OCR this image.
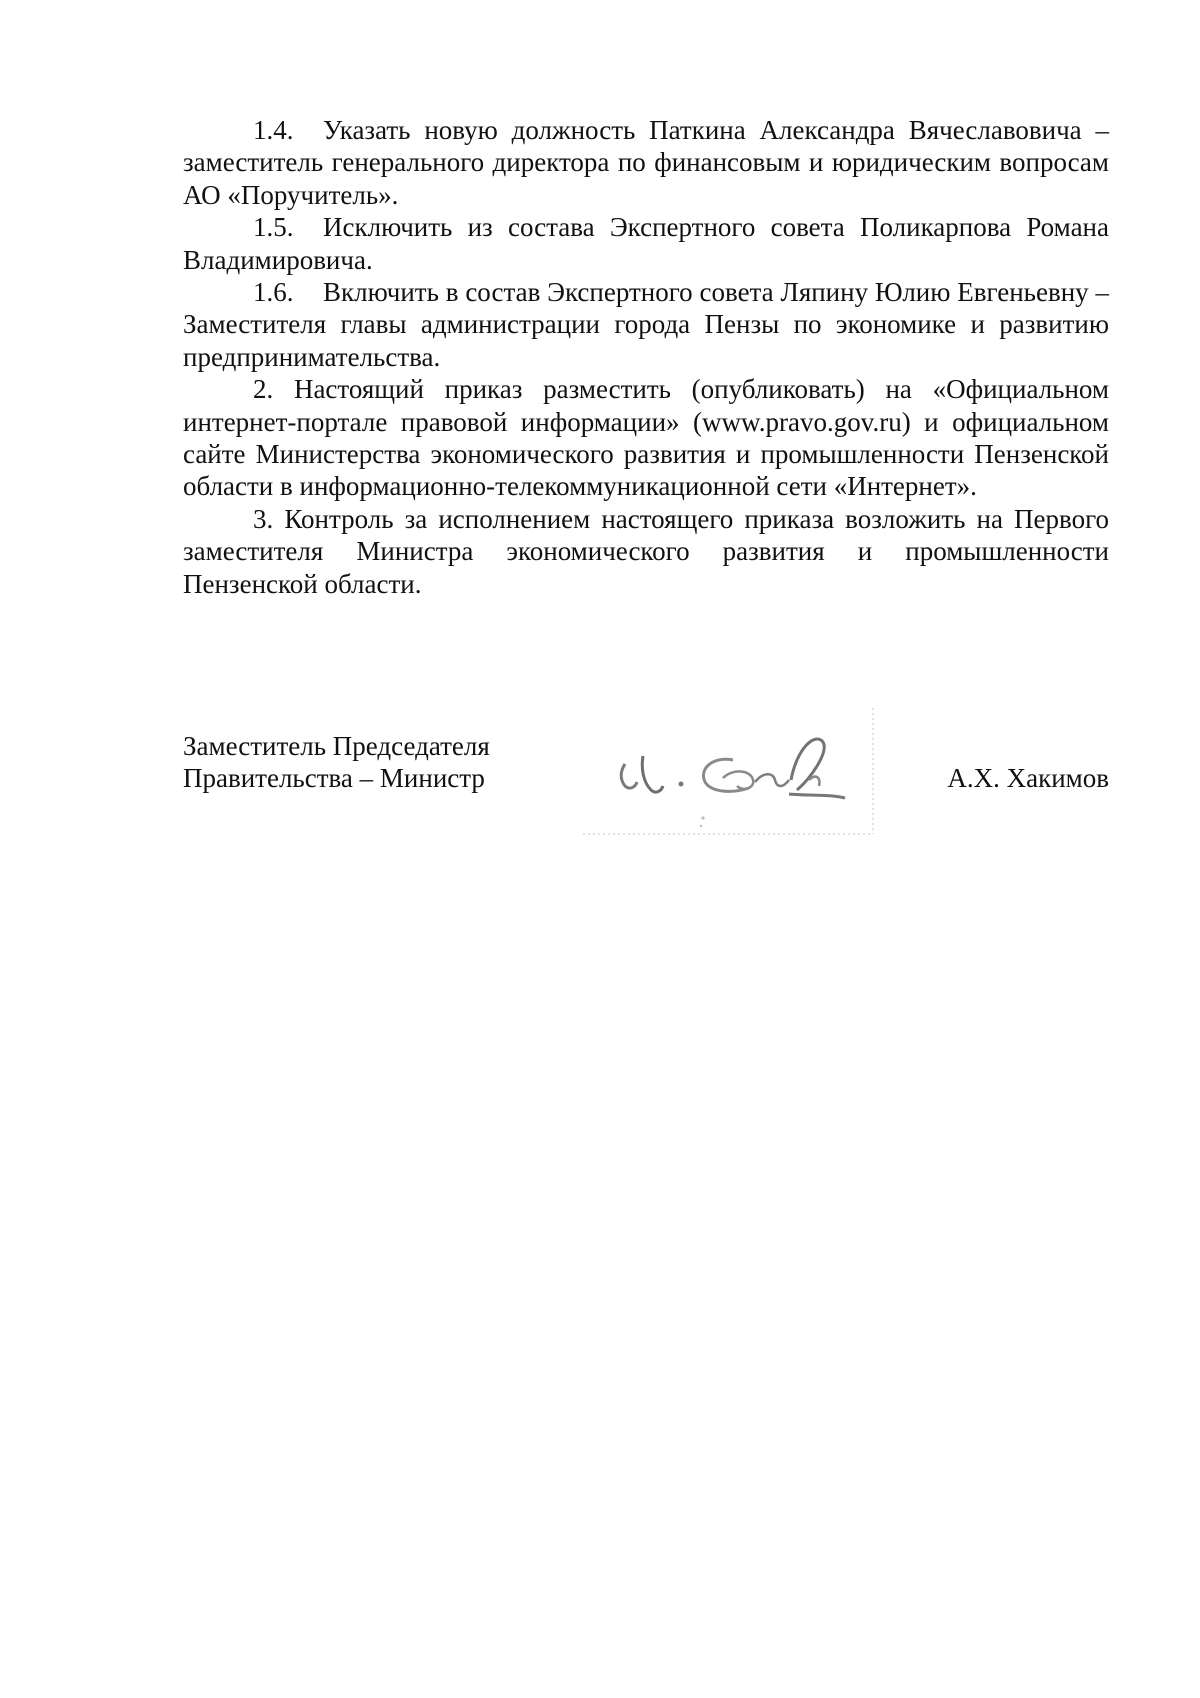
1.4. Указать новую должность Паткина Александра Вячеславовича – заместитель генерального директора по финансовым и юридическим вопросам АО «Поручитель».

1.5. Исключить из состава Экспертного совета Поликарпова Романа Владимировича.

1.6. Включить в состав Экспертного совета Ляпину Юлию Евгеньевну – Заместителя главы администрации города Пензы по экономике и развитию предпринимательства.

2. Настоящий приказ разместить (опубликовать) на «Официальном интернет-портале правовой информации» (www.pravo.gov.ru) и официальном сайте Министерства экономического развития и промышленности Пензенской области в информационно-телекоммуникационной сети «Интернет».

3. Контроль за исполнением настоящего приказа возложить на Первого заместителя Министра экономического развития и промышленности Пензенской области.

Заместитель Председателя
Правительства – Министр	А.Х. Хакимов
